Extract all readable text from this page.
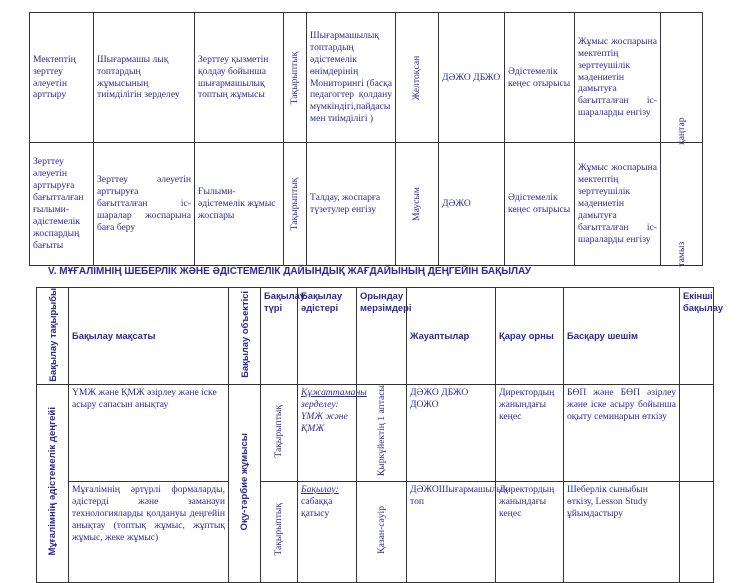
Мектептің зерттеу әлеуетін арттыру	Шығармашы лық топтардың жұмысының тиімділігін зерделеу	Зерттеу қызметін қолдау бойынша шығармашылық топтың жұмысы	Тақырыптық	Шығармашылық топтардың әдістемелік өнімдерінің Мониторингі (басқа педагогтер қолдану мүмкіндігі,пайдасы мен тиімділігі )	Желтоқсан	ДӘЖО ДБЖО	Әдістемелік кеңес отырысы	Жұмыс жоспарына мектептің зерттеушілік мәдениетін дамытуға бағытталған іс-шараларды енгізу	қаңтар

Зерттеу әлеуетін арттыруға бағытталған ғылыми-әдістемелік жоспардың бағыты	Зерттеу әлеуетін арттыруға бағытталған іс-шаралар жоспарына баға беру	Ғылыми-әдістемелік жұмыс жоспары	Тақырыптық	Талдау, жоспарға түзетулер енгізу	Маусым	ДӘЖО	Әдістемелік кеңес отырысы	Жұмыс жоспарына мектептің зерттеушілік мәдениетін дамытуға бағытталған іс-шараларды енгізу	тамыз
V. МҰҒАЛІМНІҢ ШЕБЕРЛІК ЖӘНЕ ӘДІСТЕМЕЛІК ДАЙЫНДЫҚ ЖАҒДАЙЫНЫҢ ДЕҢГЕЙІН БАҚЫЛАУ
Бақылау тақырыбы	Бақылау мақсаты	Бақылау объектісі	Бақылау түрі	Бақылау әдістері	Орындау мерзімдері	Жауаптылар	Қарау орны	Басқару шешім	Екінші бақылау
Мұғалімнің әдістемелік деңгейі	ҮМЖ және ҚМЖ әзірлеу және іске асыру сапасын анықтау	Оқу-тәрбие жұмысы	Тақырыптық	Құжаттаманы зерделеу: ҮМЖ және ҚМЖ	Қыркүйектің 1 аптасы	ДӘЖО ДБЖО ДОЖО	Директордың жанындағы кеңес	БӨП және БӨП әзірлеу және іске асыру бойынша оқыту семинарын өткізу	
	Мұғалімнің әртүрлі формаларды, әдістерді және заманауи технологияларды қолдануы деңгейін анықтау (топтық жұмыс, жұптық жұмыс, жеке жұмыс)		Тақырыптық	Бақылау: сабаққа қатысу	Қазан-сәуір	ДӘЖОШығармашылық топ	Директордың жанындағы кеңес	Шеберлік сыныбын өткізу, Lesson Study ұйымдастыру	
